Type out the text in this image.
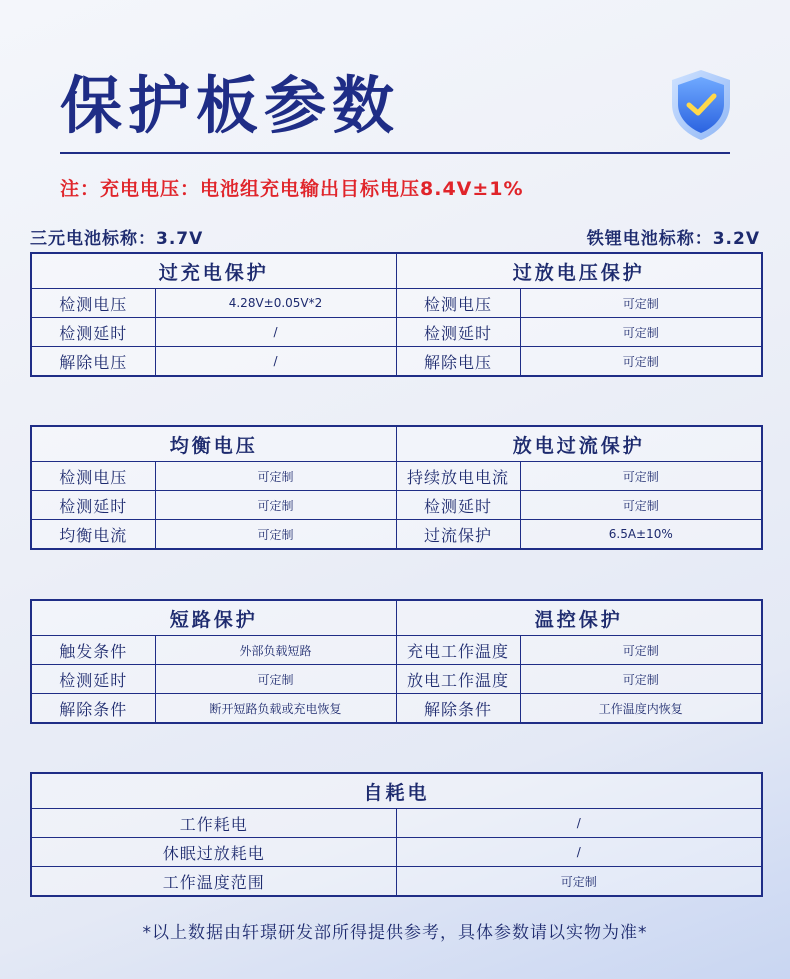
保护板参数
注：充电电压：电池组充电输出目标电压8.4V±1%
三元电池标称：3.7V	铁锂电池标称：3.2V
过充电保护		过放电压保护	
检测电压	4.28V±0.05V*2	检测电压	可定制
检测延时	/	检测延时	可定制
解除电压	/	解除电压	可定制
均衡电压		放电过流保护	
检测电压	可定制	持续放电电流	可定制
检测延时	可定制	检测延时	可定制
均衡电流	可定制	过流保护	6.5A±10%
短路保护		温控保护	
触发条件	外部负载短路	充电工作温度	可定制
检测延时	可定制	放电工作温度	可定制
解除条件	断开短路负载或充电恢复	解除条件	工作温度内恢复
自耗电	
工作耗电	/
休眠过放耗电	/
工作温度范围	可定制
*以上数据由轩璟研发部所得提供参考，具体参数请以实物为准*
